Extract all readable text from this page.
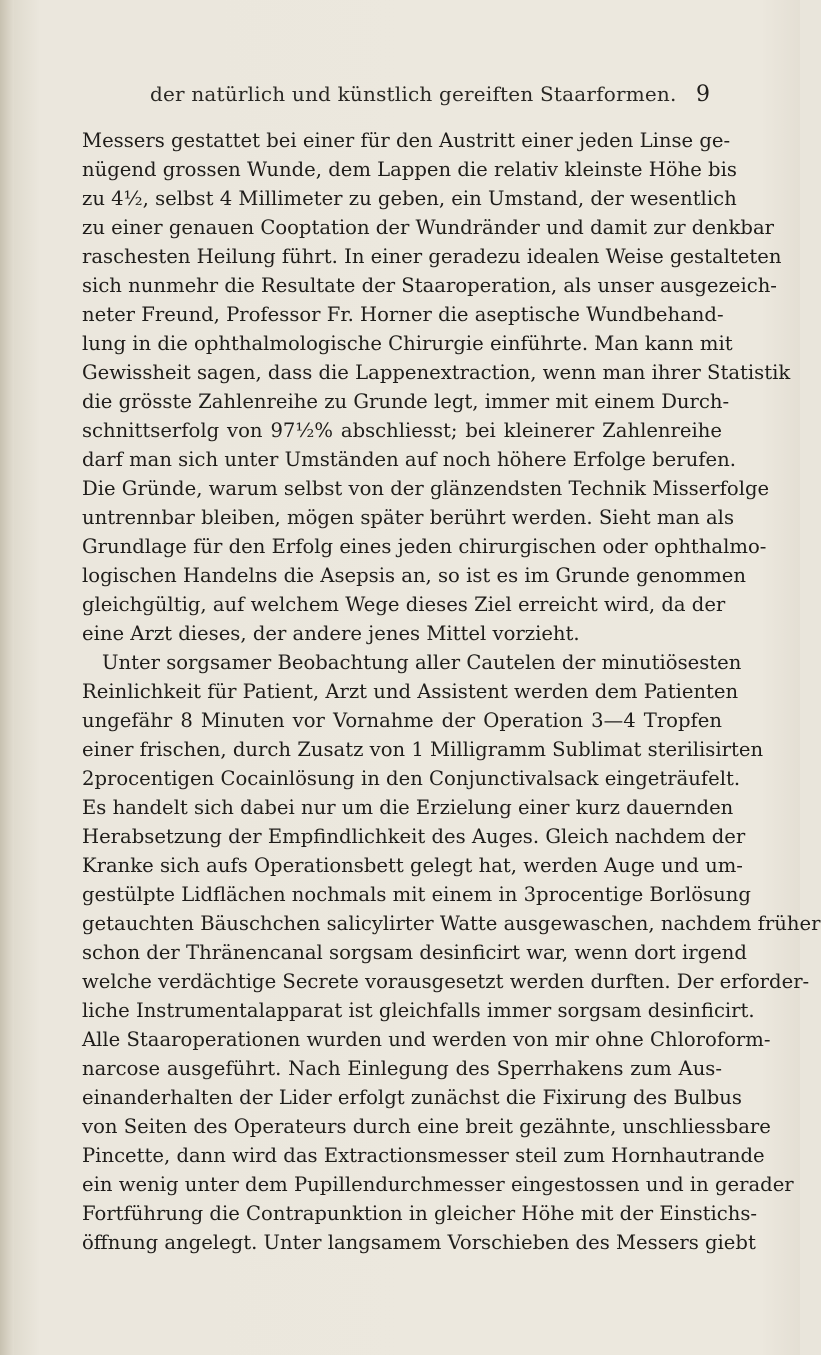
der natürlich und künstlich gereiften Staarformen. 9
Messers gestattet bei einer für den Austritt einer jeden Linse ge-
nügend grossen Wunde, dem Lappen die relativ kleinste Höhe bis
zu 4½, selbst 4 Millimeter zu geben, ein Umstand, der wesentlich
zu einer genauen Cooptation der Wundränder und damit zur denkbar
raschesten Heilung führt. In einer geradezu idealen Weise gestalteten
sich nunmehr die Resultate der Staaroperation, als unser ausgezeich-
neter Freund, Professor Fr. Horner die aseptische Wundbehand-
lung in die ophthalmologische Chirurgie einführte. Man kann mit
Gewissheit sagen, dass die Lappenextraction, wenn man ihrer Statistik
die grösste Zahlenreihe zu Grunde legt, immer mit einem Durch-
schnittserfolg von 97½% abschliesst; bei kleinerer Zahlenreihe
darf man sich unter Umständen auf noch höhere Erfolge berufen.
Die Gründe, warum selbst von der glänzendsten Technik Misserfolge
untrennbar bleiben, mögen später berührt werden. Sieht man als
Grundlage für den Erfolg eines jeden chirurgischen oder ophthalmo-
logischen Handelns die Asepsis an, so ist es im Grunde genommen
gleichgültig, auf welchem Wege dieses Ziel erreicht wird, da der
eine Arzt dieses, der andere jenes Mittel vorzieht.
Unter sorgsamer Beobachtung aller Cautelen der minutiösesten
Reinlichkeit für Patient, Arzt und Assistent werden dem Patienten
ungefähr 8 Minuten vor Vornahme der Operation 3—4 Tropfen
einer frischen, durch Zusatz von 1 Milligramm Sublimat sterilisirten
2procentigen Cocainlösung in den Conjunctivalsack eingeträufelt.
Es handelt sich dabei nur um die Erzielung einer kurz dauernden
Herabsetzung der Empfindlichkeit des Auges. Gleich nachdem der
Kranke sich aufs Operationsbett gelegt hat, werden Auge und um-
gestülpte Lidflächen nochmals mit einem in 3procentige Borlösung
getauchten Bäuschchen salicylirter Watte ausgewaschen, nachdem früher
schon der Thränencanal sorgsam desinficirt war, wenn dort irgend
welche verdächtige Secrete vorausgesetzt werden durften. Der erforder-
liche Instrumentalapparat ist gleichfalls immer sorgsam desinficirt.
Alle Staaroperationen wurden und werden von mir ohne Chloroform-
narcose ausgeführt. Nach Einlegung des Sperrhakens zum Aus-
einanderhalten der Lider erfolgt zunächst die Fixirung des Bulbus
von Seiten des Operateurs durch eine breit gezähnte, unschliessbare
Pincette, dann wird das Extractionsmesser steil zum Hornhautrande
ein wenig unter dem Pupillendurchmesser eingestossen und in gerader
Fortführung die Contrapunktion in gleicher Höhe mit der Einstichs-
öffnung angelegt. Unter langsamem Vorschieben des Messers giebt
